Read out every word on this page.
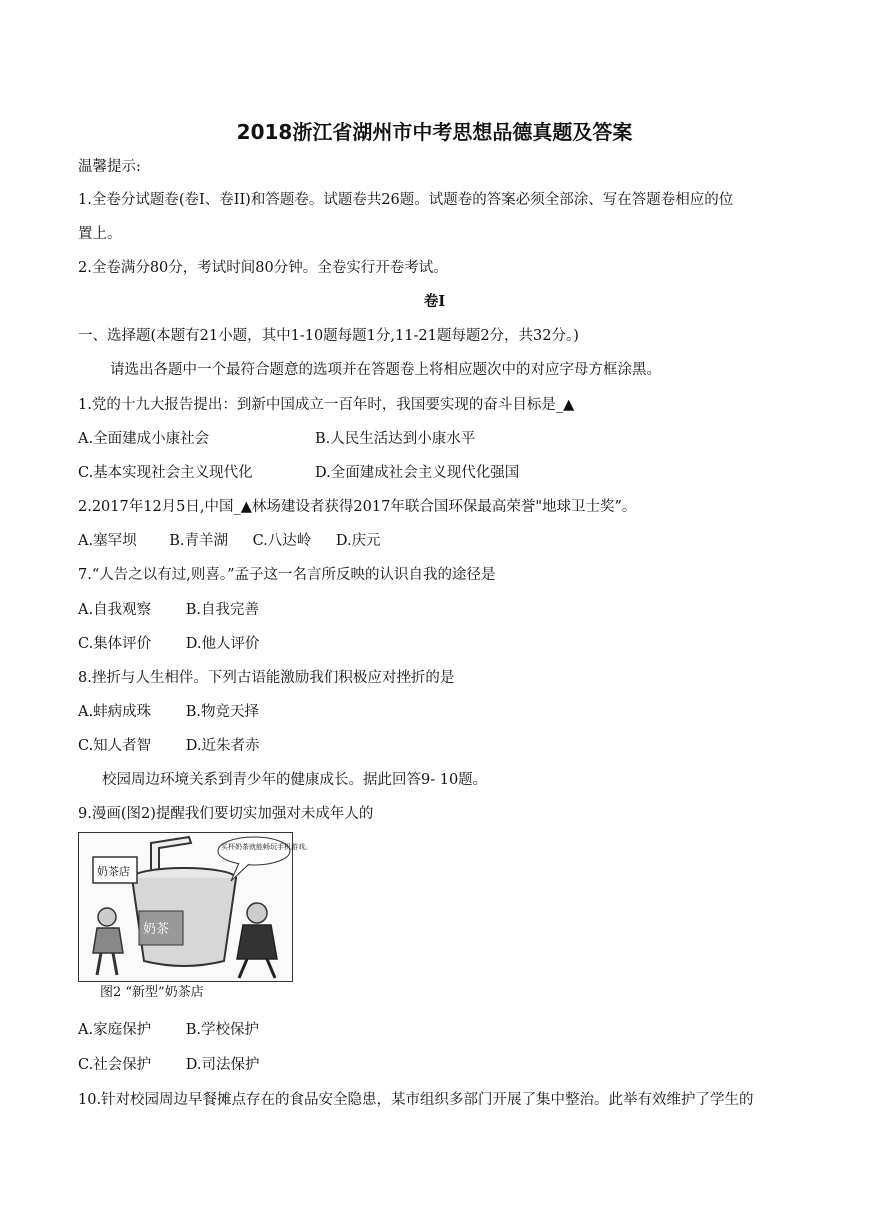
2018浙江省湖州市中考思想品德真题及答案
温馨提示:
1.全卷分试题卷(卷Ⅰ、卷II)和答题卷。试题卷共26题。试题卷的答案必须全部涂、写在答题卷相应的位
置上。
2.全卷满分80分，考试时间80分钟。全卷实行开卷考试。
卷Ⅰ
一、选择题(本题有21小题，其中1-10题每题1分,11-21题每题2分，共32分。)
请选出各题中一个最符合题意的选项并在答题卷上将相应题次中的对应字母方框涂黑。
1.党的十九大报告提出：到新中国成立一百年时，我国要实现的奋斗目标是_▲
A.全面建成小康社会	B.人民生活达到小康水平
C.基本实现社会主义现代化	D.全面建成社会主义现代化强国
2.2017年12月5日,中国_▲林场建设者获得2017年联合国环保最高荣誉"地球卫士奖”。
A.塞罕坝 B.青羊湖 C.八达岭 D.庆元
7.“人告之以有过,则喜。”孟子这一名言所反映的认识自我的途径是
A.自我观察 B.自我完善
C.集体评价 D.他人评价
8.挫折与人生相伴。下列古语能激励我们积极应对挫折的是
A.蚌病成珠 B.物竞天择
C.知人者智 D.近朱者赤
校园周边环境关系到青少年的健康成长。据此回答9- 10题。
9.漫画(图2)提醒我们要切实加强对未成年人的
奶茶
奶茶店
买杯奶茶就能畅玩手机游戏。
图2 “新型”奶茶店
A.家庭保护 B.学校保护
C.社会保护 D.司法保护
10.针对校园周边早餐摊点存在的食品安全隐患，某市组织多部门开展了集中整治。此举有效维护了学生的
